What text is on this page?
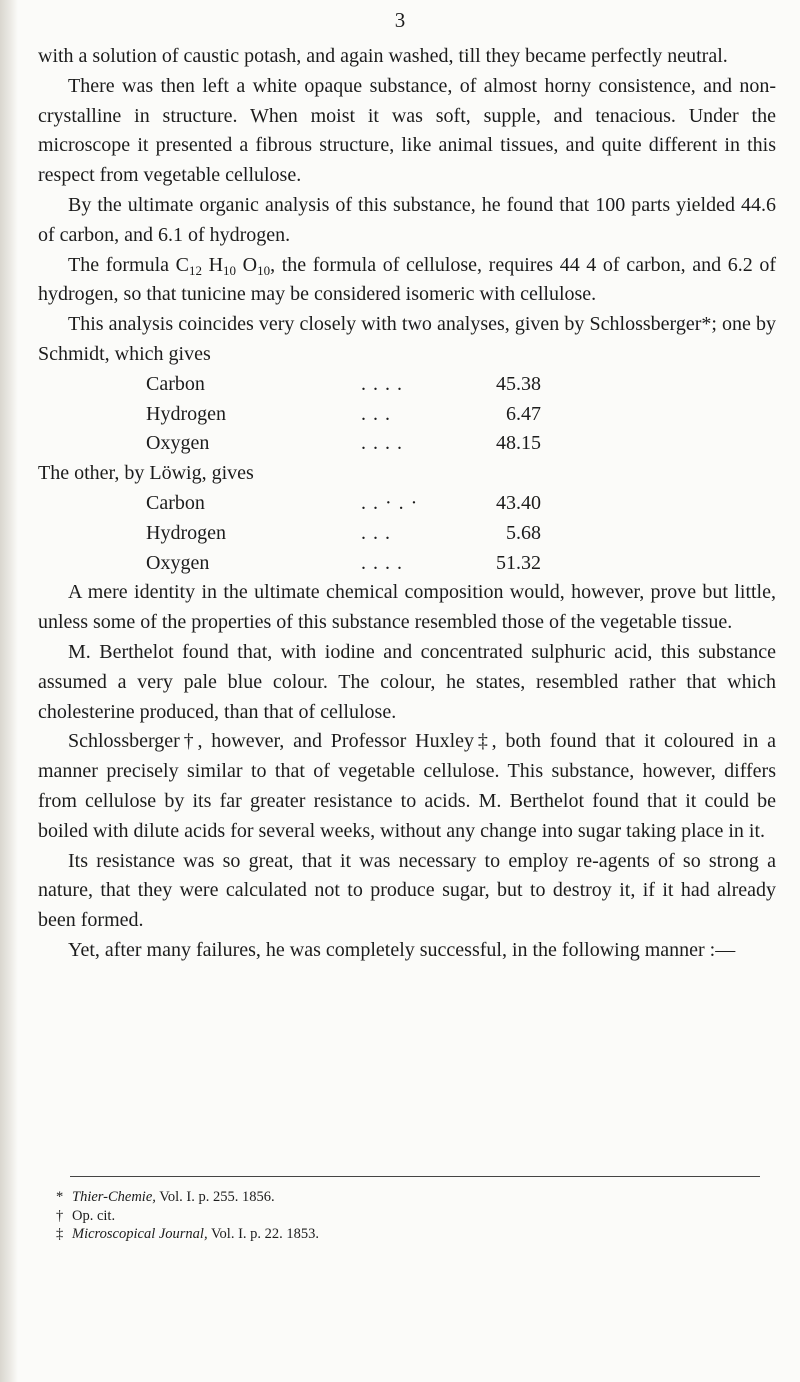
3

with a solution of caustic potash, and again washed, till they became perfectly neutral.

There was then left a white opaque substance, of almost horny consistence, and non-crystalline in structure. When moist it was soft, supple, and tenacious. Under the microscope it presented a fibrous structure, like animal tissues, and quite different in this respect from vegetable cellulose.

By the ultimate organic analysis of this substance, he found that 100 parts yielded 44.6 of carbon, and 6.1 of hydrogen.

The formula $C_{12}$ $H_{10}$ $O_{10}$, the formula of cellulose, requires 44 4 of carbon, and 6.2 of hydrogen, so that tunicine may be considered isomeric with cellulose.

This analysis coincides very closely with two analyses, given by Schlossberger*; one by Schmidt, which gives

Carbon	. . . .	45.38
Hydrogen	. . .	6.47
Oxygen	. . . .	48.15
The other, by Löwig, gives
Carbon	. . · . ·	43.40
Hydrogen	. . .	5.68
Oxygen	. . . .	51.32

A mere identity in the ultimate chemical composition would, however, prove but little, unless some of the properties of this substance resembled those of the vegetable tissue.

M. Berthelot found that, with iodine and concentrated sulphuric acid, this substance assumed a very pale blue colour. The colour, he states, resembled rather that which cholesterine produced, than that of cellulose.

Schlossberger†, however, and Professor Huxley‡, both found that it coloured in a manner precisely similar to that of vegetable cellulose. This substance, however, differs from cellulose by its far greater resistance to acids. M. Berthelot found that it could be boiled with dilute acids for several weeks, without any change into sugar taking place in it.

Its resistance was so great, that it was necessary to employ re-agents of so strong a nature, that they were calculated not to produce sugar, but to destroy it, if it had already been formed.

Yet, after many failures, he was completely successful, in the following manner :—

* Thier-Chemie, Vol. I. p. 255. 1856.
† Op. cit.
‡ Microscopical Journal, Vol. I. p. 22. 1853.
